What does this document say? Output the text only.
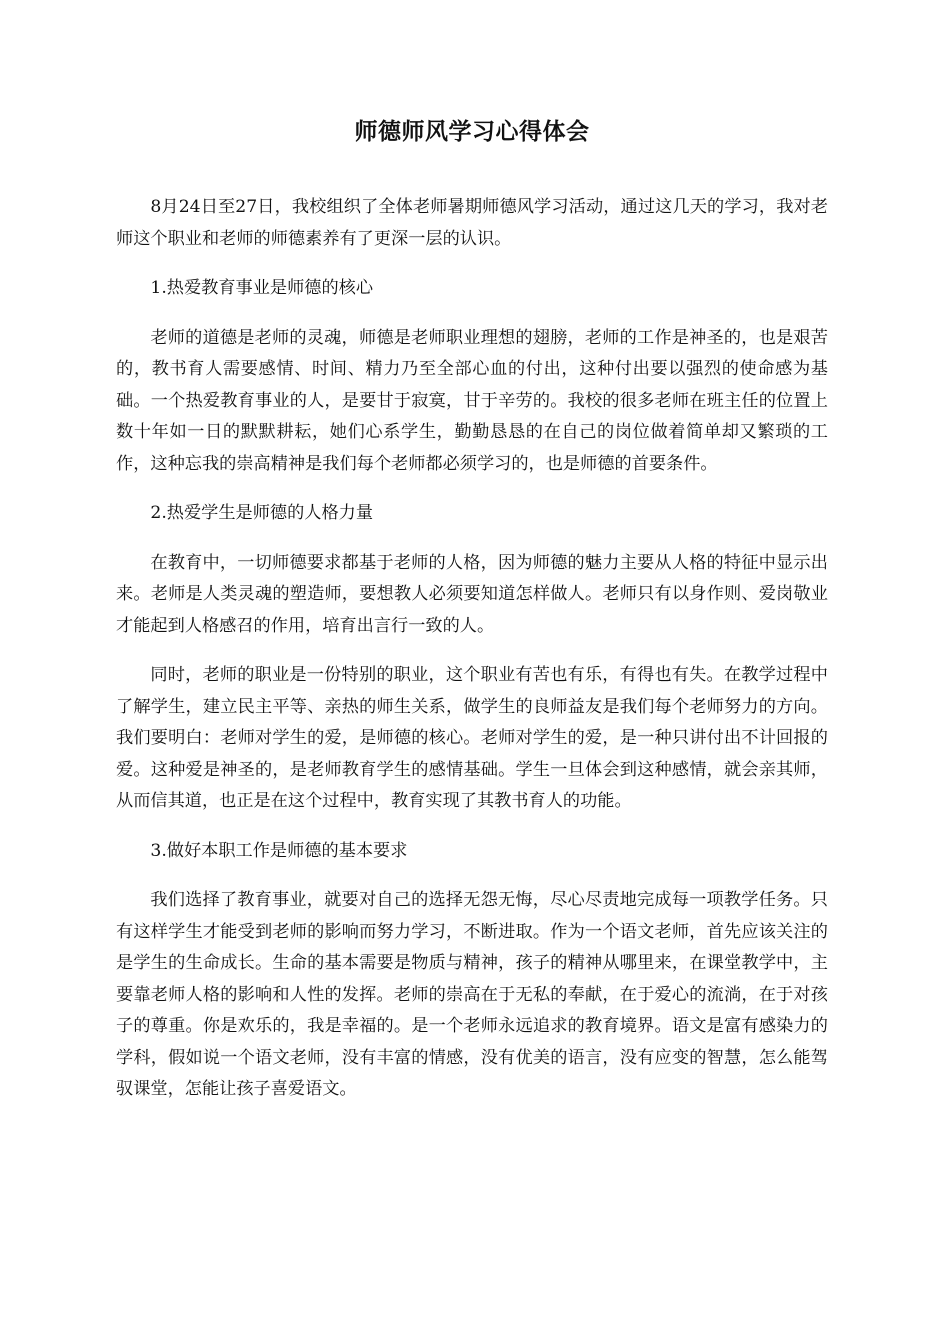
师德师风学习心得体会

8月24日至27日，我校组织了全体老师暑期师德风学习活动，通过这几天的学习，我对老师这个职业和老师的师德素养有了更深一层的认识。

1.热爱教育事业是师德的核心

老师的道德是老师的灵魂，师德是老师职业理想的翅膀，老师的工作是神圣的，也是艰苦的，教书育人需要感情、时间、精力乃至全部心血的付出，这种付出要以强烈的使命感为基础。一个热爱教育事业的人，是要甘于寂寞，甘于辛劳的。我校的很多老师在班主任的位置上数十年如一日的默默耕耘，她们心系学生，勤勤恳恳的在自己的岗位做着简单却又繁琐的工作，这种忘我的崇高精神是我们每个老师都必须学习的，也是师德的首要条件。

2.热爱学生是师德的人格力量

在教育中，一切师德要求都基于老师的人格，因为师德的魅力主要从人格的特征中显示出来。老师是人类灵魂的塑造师，要想教人必须要知道怎样做人。老师只有以身作则、爱岗敬业才能起到人格感召的作用，培育出言行一致的人。

同时，老师的职业是一份特别的职业，这个职业有苦也有乐，有得也有失。在教学过程中了解学生，建立民主平等、亲热的师生关系，做学生的良师益友是我们每个老师努力的方向。我们要明白：老师对学生的爱，是师德的核心。老师对学生的爱，是一种只讲付出不计回报的爱。这种爱是神圣的，是老师教育学生的感情基础。学生一旦体会到这种感情，就会亲其师，从而信其道，也正是在这个过程中，教育实现了其教书育人的功能。

3.做好本职工作是师德的基本要求

我们选择了教育事业，就要对自己的选择无怨无悔，尽心尽责地完成每一项教学任务。只有这样学生才能受到老师的影响而努力学习，不断进取。作为一个语文老师，首先应该关注的是学生的生命成长。生命的基本需要是物质与精神，孩子的精神从哪里来，在课堂教学中，主要靠老师人格的影响和人性的发挥。老师的崇高在于无私的奉献，在于爱心的流淌，在于对孩子的尊重。你是欢乐的，我是幸福的。是一个老师永远追求的教育境界。语文是富有感染力的学科，假如说一个语文老师，没有丰富的情感，没有优美的语言，没有应变的智慧，怎么能驾驭课堂，怎能让孩子喜爱语文。
